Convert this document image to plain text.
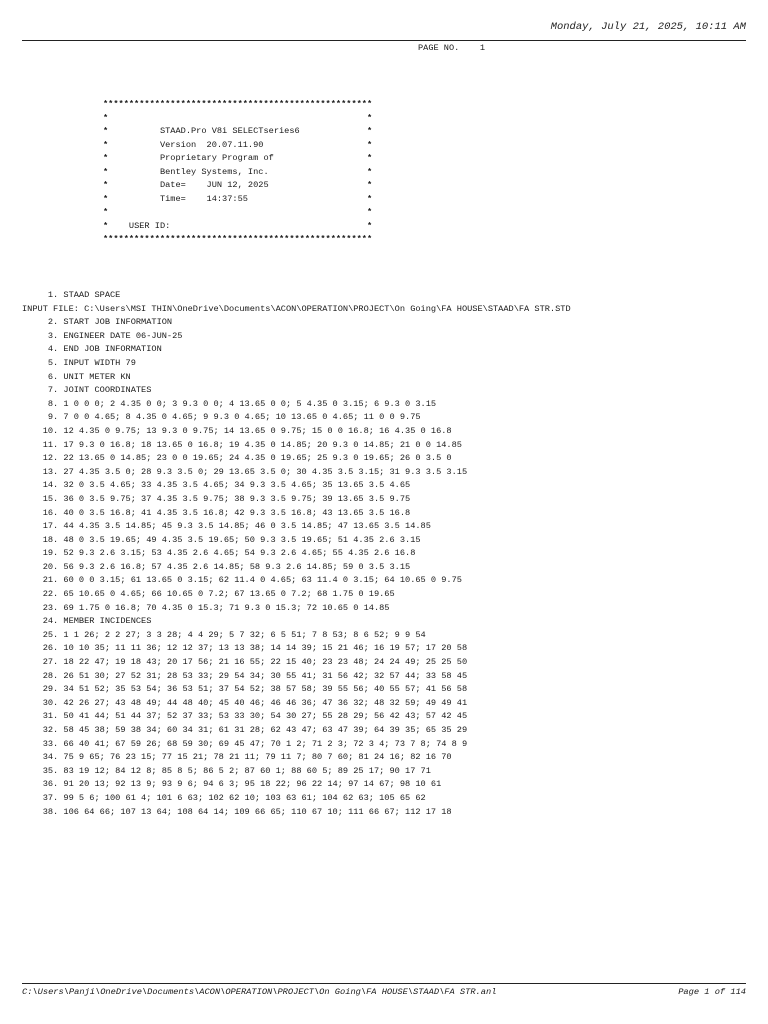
Monday, July 21, 2025, 10:11 AM
PAGE NO. 1
****************************************************
*	*
*          STAAD.Pro V8i SELECTseries6	*
*          Version  20.07.11.90	*
*          Proprietary Program of	*
*          Bentley Systems, Inc.	*
*          Date=    JUN 12, 2025	*
*          Time=    14:37:55	*
*	*
*    USER ID:	*
****************************************************
1. STAAD SPACE
INPUT FILE: C:\Users\MSI THIN\OneDrive\Documents\ACON\OPERATION\PROJECT\On Going\FA HOUSE\STAAD\FA STR.STD
2. START JOB INFORMATION
3. ENGINEER DATE 06-JUN-25
4. END JOB INFORMATION
5. INPUT WIDTH 79
6. UNIT METER KN
7. JOINT COORDINATES
8. 1 0 0 0; 2 4.35 0 0; 3 9.3 0 0; 4 13.65 0 0; 5 4.35 0 3.15; 6 9.3 0 3.15
9. 7 0 0 4.65; 8 4.35 0 4.65; 9 9.3 0 4.65; 10 13.65 0 4.65; 11 0 0 9.75
10. 12 4.35 0 9.75; 13 9.3 0 9.75; 14 13.65 0 9.75; 15 0 0 16.8; 16 4.35 0 16.8
11. 17 9.3 0 16.8; 18 13.65 0 16.8; 19 4.35 0 14.85; 20 9.3 0 14.85; 21 0 0 14.85
12. 22 13.65 0 14.85; 23 0 0 19.65; 24 4.35 0 19.65; 25 9.3 0 19.65; 26 0 3.5 0
13. 27 4.35 3.5 0; 28 9.3 3.5 0; 29 13.65 3.5 0; 30 4.35 3.5 3.15; 31 9.3 3.5 3.15
14. 32 0 3.5 4.65; 33 4.35 3.5 4.65; 34 9.3 3.5 4.65; 35 13.65 3.5 4.65
15. 36 0 3.5 9.75; 37 4.35 3.5 9.75; 38 9.3 3.5 9.75; 39 13.65 3.5 9.75
16. 40 0 3.5 16.8; 41 4.35 3.5 16.8; 42 9.3 3.5 16.8; 43 13.65 3.5 16.8
17. 44 4.35 3.5 14.85; 45 9.3 3.5 14.85; 46 0 3.5 14.85; 47 13.65 3.5 14.85
18. 48 0 3.5 19.65; 49 4.35 3.5 19.65; 50 9.3 3.5 19.65; 51 4.35 2.6 3.15
19. 52 9.3 2.6 3.15; 53 4.35 2.6 4.65; 54 9.3 2.6 4.65; 55 4.35 2.6 16.8
20. 56 9.3 2.6 16.8; 57 4.35 2.6 14.85; 58 9.3 2.6 14.85; 59 0 3.5 3.15
21. 60 0 0 3.15; 61 13.65 0 3.15; 62 11.4 0 4.65; 63 11.4 0 3.15; 64 10.65 0 9.75
22. 65 10.65 0 4.65; 66 10.65 0 7.2; 67 13.65 0 7.2; 68 1.75 0 19.65
23. 69 1.75 0 16.8; 70 4.35 0 15.3; 71 9.3 0 15.3; 72 10.65 0 14.85
24. MEMBER INCIDENCES
25. 1 1 26; 2 2 27; 3 3 28; 4 4 29; 5 7 32; 6 5 51; 7 8 53; 8 6 52; 9 9 54
26. 10 10 35; 11 11 36; 12 12 37; 13 13 38; 14 14 39; 15 21 46; 16 19 57; 17 20 58
27. 18 22 47; 19 18 43; 20 17 56; 21 16 55; 22 15 40; 23 23 48; 24 24 49; 25 25 50
28. 26 51 30; 27 52 31; 28 53 33; 29 54 34; 30 55 41; 31 56 42; 32 57 44; 33 58 45
29. 34 51 52; 35 53 54; 36 53 51; 37 54 52; 38 57 58; 39 55 56; 40 55 57; 41 56 58
30. 42 26 27; 43 48 49; 44 48 40; 45 40 46; 46 46 36; 47 36 32; 48 32 59; 49 49 41
31. 50 41 44; 51 44 37; 52 37 33; 53 33 30; 54 30 27; 55 28 29; 56 42 43; 57 42 45
32. 58 45 38; 59 38 34; 60 34 31; 61 31 28; 62 43 47; 63 47 39; 64 39 35; 65 35 29
33. 66 40 41; 67 59 26; 68 59 30; 69 45 47; 70 1 2; 71 2 3; 72 3 4; 73 7 8; 74 8 9
34. 75 9 65; 76 23 15; 77 15 21; 78 21 11; 79 11 7; 80 7 60; 81 24 16; 82 16 70
35. 83 19 12; 84 12 8; 85 8 5; 86 5 2; 87 60 1; 88 60 5; 89 25 17; 90 17 71
36. 91 20 13; 92 13 9; 93 9 6; 94 6 3; 95 18 22; 96 22 14; 97 14 67; 98 10 61
37. 99 5 6; 100 61 4; 101 6 63; 102 62 10; 103 63 61; 104 62 63; 105 65 62
38. 106 64 66; 107 13 64; 108 64 14; 109 66 65; 110 67 10; 111 66 67; 112 17 18
C:\Users\Panji\OneDrive\Documents\ACON\OPERATION\PROJECT\On Going\FA HOUSE\STAAD\FA STR.anl	Page 1 of 114
